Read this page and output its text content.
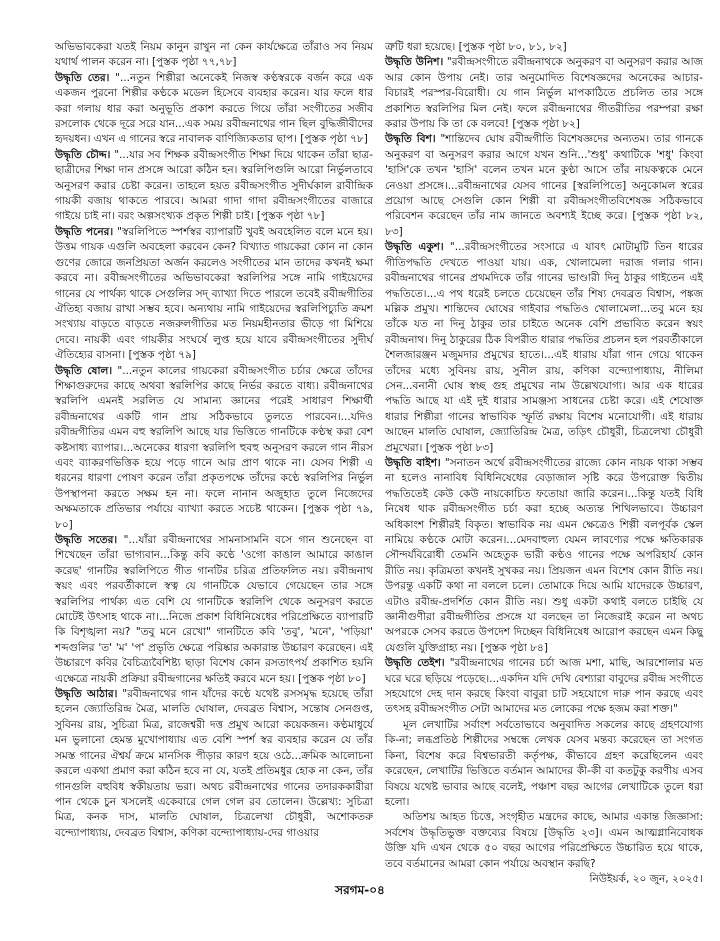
অভিভাবকেরা যতই নিয়ম কানুন রাখুন না কেন কার্যক্ষেত্রে তাঁরাও সব নিয়ম যথার্থ পালন করেন না। [পুস্তক পৃষ্ঠা ৭৭,৭৮]

উদ্ধৃতি তের। "...নতুন শিল্পীরা অনেকেই নিজস্ব কণ্ঠস্বরকে বর্জন করে এক একজন পুরনো শিল্পীর কণ্ঠকে মডেল হিসেবে ব্যবহার করেন। যার ফলে ধার করা গলায় ধার করা অনুভূতি প্রকাশ করতে গিয়ে তাঁরা সংগীতের সজীব রসলোক থেকে দূরে সরে যান...এক সময় রবীন্দ্রনাথের গান ছিল বুদ্ধিজীবীদের হৃদয়ধন। এখন এ গানের স্বরে নাবালক বাণিজ্যিকতার ছাপ। [পুস্তক পৃষ্ঠা ৭৮]

উদ্ধৃতি চৌদ্দ। "...যার সব শিক্ষক রবীন্দ্রসংগীত শিক্ষা দিয়ে থাকেন তাঁরা ছাত্র-ছাত্রীদের শিক্ষা দান প্রসঙ্গে আরো কঠিন হন। স্বরলিপিগুলি আরো নির্ভুলতাবে অনুসরণ করার চেষ্টা করেন। তাহলে হয়ত রবীন্দ্রসংগীত সুদীর্ঘকাল রাবীন্দ্রিক গায়কী বজায় থাকতে পারবে। আমরা গাদা গাদা রবীন্দ্রসংগীতের বাজারে গাইয়ে চাই না। বরং অল্পসংখ্যক প্রকৃত শিল্পী চাই। [পুস্তক পৃষ্ঠা ৭৮]

উদ্ধৃতি পনের। "স্বরলিপিতে স্পর্শস্বর ব্যাপারটি খুবই অবহেলিত বলে মনে হয়। উত্তম গায়ক এগুলি অবহেলা করবেন কেন? বিখ্যাত গায়কেরা কোন না কোন গুণের জোরে জনপ্রিয়তা অর্জন করলেও সংগীতের মান তাদের কখনই ক্ষমা করবে না। রবীন্দ্রসংগীতের অভিভাবকেরা স্বরলিপির সঙ্গে নামি গাইয়েদের গানের যে পার্থক্য থাকে সেগুলির সদ্ ব্যাখ্যা দিতে পারলে তবেই রবীন্দ্রগীতির ঐতিহ্য বজায় রাখা সম্ভব হবে। অন্যথায় নামি গাইয়েদের স্বরলিপিচ্যুতি ক্রমশ সংখ্যায় বাড়তে বাড়তে নজরুলগীতির মত নিয়মহীনতার ভীড়ে গা মিশিয়ে দেবে। নায়কী এবং গায়কীর সংঘর্ষে লুপ্ত হয়ে যাবে রবীন্দ্রসংগীতের সুদীর্ঘ ঐতিহ্যের বাসনা। [পুস্তক পৃষ্ঠা ৭৯]

উদ্ধৃতি ষোল। "...নতুন কালের গায়কেরা রবীন্দ্রসংগীত চর্চার ক্ষেত্রে তাঁদের শিক্ষাগুরুদের কাছে অথবা স্বরলিপির কাছে নির্ভর করতে বাধ্য। রবীন্দ্রনাথের স্বরলিপি এমনই সরলিত যে সামান্য জ্ঞানের পরেই সাধারণ শিক্ষার্থী রবীন্দ্রনাথের একটি গান প্রায় সঠিকভাবে তুলতে পারবেন।...যদিও রবীন্দ্রগীতির এমন বহু স্বরলিপি আছে যার ভিত্তিতে গানটিকে কণ্ঠস্থ করা বেশ কষ্টসাধ্য ব্যাপার।...অনেকের ধারণা স্বরলিপি হুবহু অনুসরণ করলে গান নীরস এবং ব্যাকরণভিত্তিক হয়ে পড়ে গানে আর প্রাণ থাকে না। যেসব শিল্পী এ ধরনের ধারণা পোষণ করেন তাঁরা প্রকৃতপক্ষে তাঁদের কণ্ঠে স্বরলিপির নির্ভুল উপস্থাপনা করতে সক্ষম হন না। ফলে নানান অজুহাত তুলে নিজেদের অক্ষমতাকে প্রতিভার পর্যায়ে ব্যাখ্যা করতে সচেষ্ট থাকেন। [পুস্তক পৃষ্ঠা ৭৯, ৮০]

উদ্ধৃতি সতের। "...যাঁরা রবীন্দ্রনাথের সামনাসামনি বসে গান শুনেছেন বা শিখেছেন তাঁরা ভাগ্যবান...কিন্তু কবি কণ্ঠে 'ওগো কাঙাল আমারে কাঙাল করেছ' গানটির স্বরলিপিতে গীত গানটির চরিত্র প্রতিফলিত নয়। রবীন্দ্রনাথ স্বয়ং এবং পরবর্তীকালে স্বত্ব যে গানটিকে যেভাবে গেয়েছেন তার সঙ্গে স্বরলিপির পার্থক্য এত বেশি যে গানটিকে স্বরলিপি থেকে অনুসরণ করতে মোটেই উৎসাহ থাকে না।...নিজে প্রকাশ বিধিনিষেধের পরিপ্রেক্ষিতে ব্যাপারটি কি বিশৃঙ্খলা নয়? "তবু মনে রেখো" গানটিতে কবি 'তবু', 'মনে', 'পড়িয়া' শব্দগুলির 'ত' 'ম' 'প' প্রভৃতি ক্ষেত্রে পরিষ্কার অকারান্ত উচ্চারণ করেছেন। এই উচ্চারণে কবির বৈচিত্র্যবৈশিষ্ট্য ছাড়া বিশেষ কোন রসতাৎপর্য প্রকাশিত হয়নি এক্ষেত্রে নায়কী প্রক্রিয়া রবীন্দ্রগানের ক্ষতিই করবে মনে হয়। [পুস্তক পৃষ্ঠা ৮০]

উদ্ধৃতি আঠার। "রবীন্দ্রনাথের গান যাঁদের কণ্ঠে যথেষ্ট রসসমৃদ্ধ হয়েছে তাঁরা হলেন জ্যোতিরিন্দ্র মৈত্র, মালতি ঘোষাল, দেবব্রত বিশ্বাস, সন্তোষ সেনগুপ্ত, সুবিনয় রায়, সুচিত্রা মিত্র, রাজেশ্বরী দত্ত প্রমুখ আরো কয়েকজন। কণ্ঠমাধুর্যে মন ভুলানো হেমন্ত মুখোপাধ্যায় এত বেশি স্পর্শ স্বর ব্যবহার করেন যে তাঁর সমস্ত গানের ঐশ্বর্য ক্রমে মানসিক পীড়ার কারণ হয়ে ওঠে...ক্রমিক আলোচনা করলে একথা প্রমাণ করা কঠিন হবে না যে, যতই প্রতিমধুর হোক না কেন, তাঁর গানগুলি বহুবিধ স্বকীয়তায় ভরা। অথচ রবীন্দ্রনাথের গানের তদারককারীরা পান থেকে চুন খসলেই একেবারে গেল গেল রব তোলেন। উল্লেখ্য: সুচিত্রা মিত্র, কনক দাস, মালতি ঘোষাল, চিত্রলেখা চৌধুরী, অশোকতরু বন্দ্যোপাধ্যায়, দেবব্রত বিশ্বাস, কণিকা বন্দ্যোপাধ্যায়-দের গাওয়ার

ত্রুটি ধরা হয়েছে। [পুস্তক পৃষ্ঠা ৮০, ৮১, ৮২]

উদ্ধৃতি উনিশ। "রবীন্দ্রসংগীতে রবীন্দ্রনাথকে অনুকরণ বা অনুসরণ করার আজ আর কোন উপায় নেই। তার অনুমোদিত বিশেষজ্ঞদের অনেকের আচার-বিচারই পরস্পর-বিরোধী। যে গান নির্ভুল মাপকাঠিতে প্রচলিত তার সঙ্গে প্রকাশিত স্বরলিপির মিল নেই। ফলে রবীন্দ্রনাথের গীতরীতির পরম্পরা রক্ষা করার উপায় কি তা কে বলবে! [পুস্তক পৃষ্ঠা ৮২]

উদ্ধৃতি বিশ। "শান্তিদেব ঘোষ রবীন্দ্রগীতি বিশেষজ্ঞদের অন্যতম। তার গানকে অনুকরণ বা অনুসরণ করার আগে যখন শুনি...'শুধু' কথাটিকে 'শধু' কিংবা 'হাসি'কে তখন 'হাসি' বলেন তখন মনে কুণ্ঠা আসে তাঁর নায়কত্বকে মেনে নেওয়া প্রসঙ্গে।...রবীন্দ্রনাথের যেসব গানের [স্বরলিপিতে] অনুকোমল স্বরের প্রয়োগ আছে সেগুলি কোন শিল্পী বা রবীন্দ্রসংগীতবিশেষজ্ঞ সঠিকভাবে পরিবেশন করেছেন তাঁর নাম জানতে অবশ্যই ইচ্ছে করে। [পুস্তক পৃষ্ঠা ৮২, ৮৩]

উদ্ধৃতি একুশ। "...রবীন্দ্রসংগীতের সংসারে এ যাবৎ মোটামুটি তিন ধারের গীতিপদ্ধতি দেখতে পাওয়া যায়। এক, খোলামেলা দরাজ গলার গান। রবীন্দ্রনাথের গানের প্রথমদিকে তাঁর গানের ভাণ্ডারী দিনু ঠাকুর গাইতেন এই পদ্ধতিতে।...এ পথ ধরেই চলতে চেয়েছেন তাঁর শিষ্য দেবব্রত বিশ্বাস, পঙ্কজ মল্লিক প্রমুখ। শান্তিদেব ঘোষের গাইবার পদ্ধতিও খোলামেলা...তবু মনে হয় তাঁকে যত না দিনু ঠাকুর তার চাইতে অনেক বেশি প্রভাবিত করেন স্বয়ং রবীন্দ্রনাথ। দিনু ঠাকুরের ঠিক বিপরীত ধারার পদ্ধতির প্রচলন হল পরবর্তীকালে শৈলজারঞ্জন মজুমদার প্রমুখের হাতে।...এই ধারায় যাঁরা গান গেয়ে থাকেন তাঁদের মধ্যে সুবিনয় রায়, সুনীল রায়, কণিকা বন্দ্যোপাধ্যায়, নীলিমা সেন...বনানী ঘোষ স্বচ্ছ গুহ প্রমুখের নাম উল্লেখযোগ্য। আর এক ধারের পদ্ধতি আছে যা এই দুই ধারার সামঞ্জস্য সাধনের চেষ্টা করে। এই শেষোক্ত ধারার শিল্পীরা গানের স্বাভাবিক স্ফূর্তি রক্ষায় বিশেষ মনোযোগী। এই ধারায় আছেন মালতি ঘোষাল, জ্যোতিরিন্দ্র মৈত্র, তড়িৎ চৌধুরী, চিত্রলেখা চৌধুরী প্রমুখেরা। [পুস্তক পৃষ্ঠা ৮৩]

উদ্ধৃতি বাইশ। "সনাতন অর্থে রবীন্দ্রসংগীতের রাজ্যে কোন নায়ক থাকা সম্ভব না হলেও নানাবিধ বিধিনিষেধের বেড়াজাল সৃষ্টি করে উপরোক্ত দ্বিতীয় পদ্ধতিতেই কেউ কেউ নায়কোচিত ফতোয়া জারি করেন।...কিন্তু যতই বিধি নিষেধ থাক রবীন্দ্রসংগীত চর্চা করা হচ্ছে অত্যন্ত শিথিলভাবে। উচ্চারণ অধিকাংশ শিল্পীরই বিকৃত। স্বাভাবিক নয় এমন ক্ষেত্রেও শিল্পী বলপূর্বক স্কেল নামিয়ে কণ্ঠকে মোটা করেন।...মেদবাহুল্য যেমন লাবণ্যের পক্ষে ক্ষতিকারক সৌন্দর্যবিরোধী তেমনি অহেতুক ভারী কণ্ঠও গানের পক্ষে অপরিহার্য কোন রীতি নয়। কৃত্রিমতা কখনই সুখকর নয়। প্রিয়জন এমন বিশেষ কোন রীতি নয়। উপরন্তু একটি কথা না বললে চলে। তোমাকে দিয়ে আমি যাদেরকে উচ্চারণ, এটাও রবীন্দ্র-প্রদর্শিত কোন রীতি নয়। শুধু একটা কথাই বলতে চাইছি যে জ্ঞানীগুণীরা রবীন্দ্রগীতির প্রসঙ্গে যা বলছেন তা নিজেরাই করেন না অথচ অপরকে সেসব করতে উপদেশ দিচ্ছেন বিধিনিষেধ আরোপ করছেন এমন কিছু যেগুলি যুক্তিগ্রাহ্য নয়। [পুস্তক পৃষ্ঠা ৮৪]

উদ্ধৃতি তেইশ। "রবীন্দ্রনাথের গানের চর্চা আজ মশা, মাছি, আরশোলার মত ঘরে ঘরে ছড়িয়ে পড়েছে।...একদিন যদি দেখি বেশ্যারা বাবুদের রবীন্দ্র সংগীতে সহযোগে দেহ দান করছে কিংবা বাবুরা চাট সহযোগে দারু পান করছে এবং তৎসহ রবীন্দ্রসংগীত সেটা আমাদের মত লোকের পক্ষে হজম করা শক্ত।"

মূল লেখাটির সর্বাংশ সর্বতোভাবে অনুবাদিত সকলের কাছে গ্রহণযোগ্য কি-না; লব্ধপ্রতিষ্ঠ শিল্পীদের সম্বন্ধে লেখক যেসব মন্তব্য করেছেন তা সংগত কিনা, বিশেষ করে বিশ্বভারতী কর্তৃপক্ষ, কীভাবে গ্রহণ করেছিলেন এবং করেছেন, লেখাটির ভিত্তিতে বর্তমান আমাদের কী-কী বা কতটুকু করণীয় এসব বিষয়ে যথেষ্ট ভাবার আছে বলেই, পঞ্চাশ বছর আগের লেখাটিকে তুলে ধরা হলো।

অতিশয় আহত চিত্তে, সংগৃহীত মন্ত্রদের কাছে, আমার একান্ত জিজ্ঞাসা: সর্বশেষ উদ্ধৃতিভুক্ত বক্তব্যের বিষয়ে [উদ্ধৃতি ২৩]। এমন আত্মগ্লানিবোধক উক্তি যদি এখন থেকে ৫০ বছর আগের পরিপ্রেক্ষিতে উচ্চারিত হয়ে থাকে, তবে বর্তমানের আমরা কোন পর্যায়ে অবস্থান করছি?

নিউইয়র্ক, ২০ জুন, ২০২৫।
সরগম-০৪
